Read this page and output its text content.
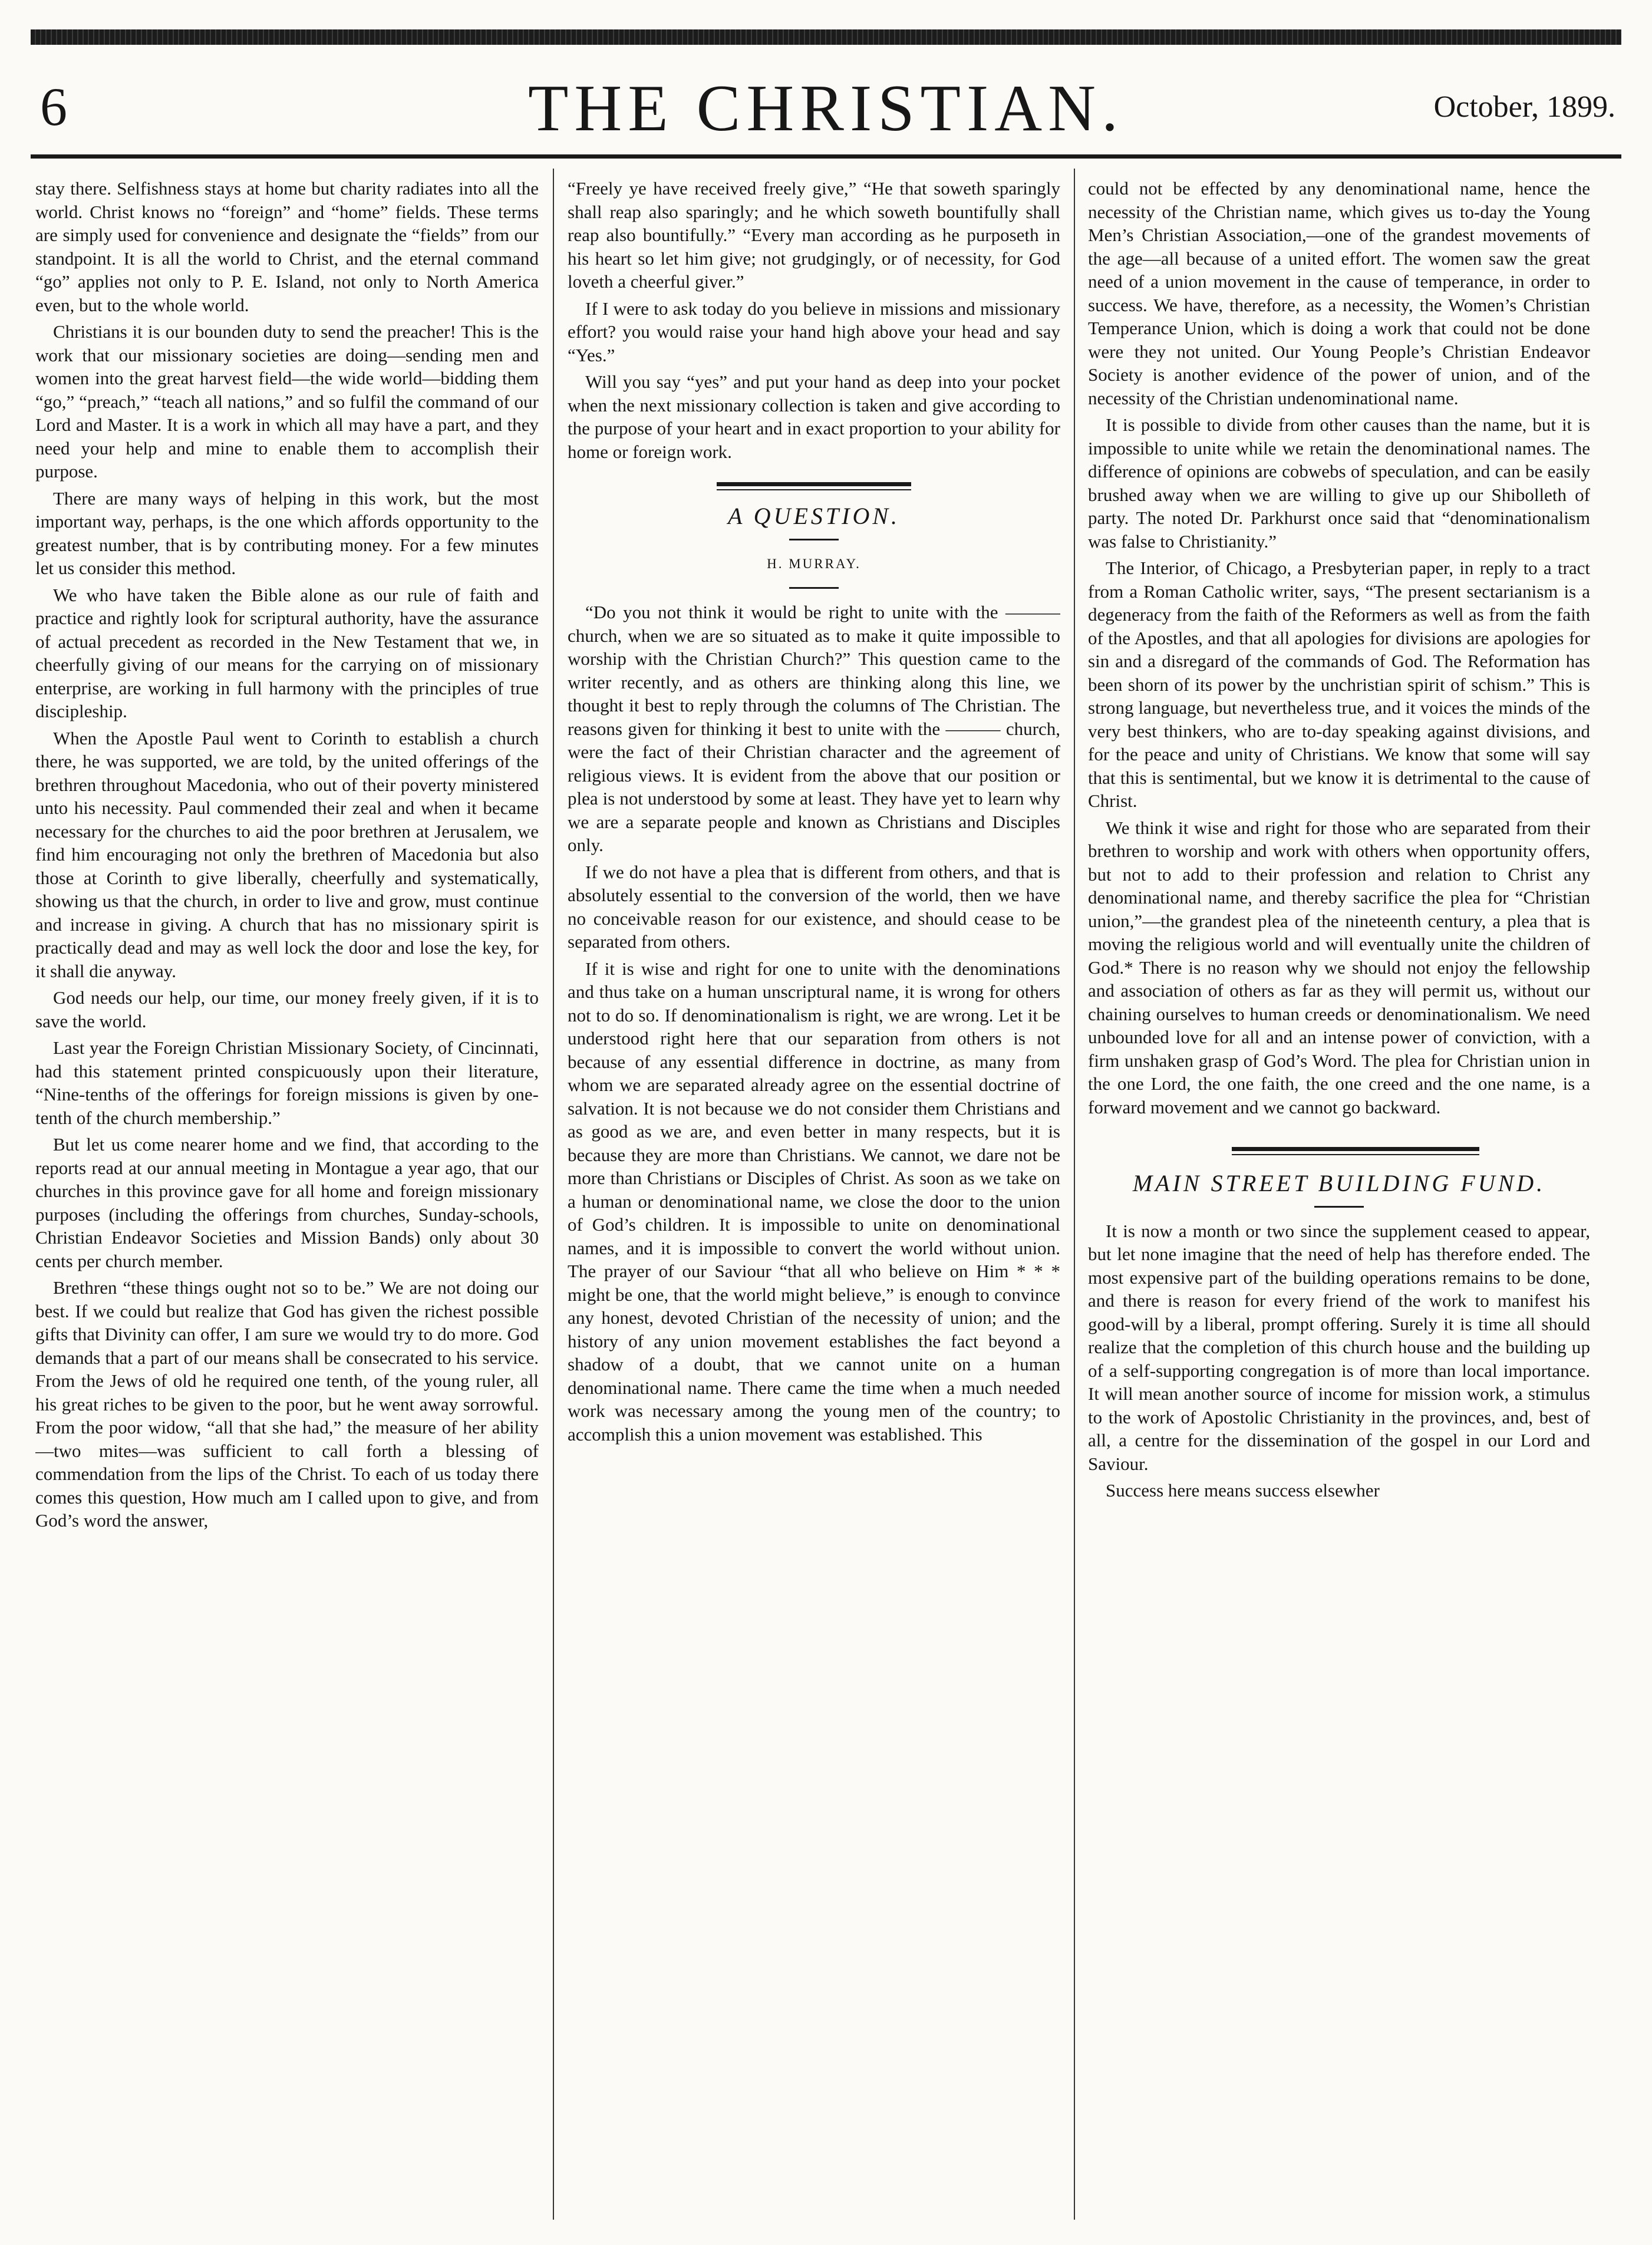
6	THE CHRISTIAN.	October, 1899.

stay there. Selfishness stays at home but charity radiates into all the world. Christ knows no “foreign” and “home” fields. These terms are simply used for convenience and designate the “fields” from our standpoint. It is all the world to Christ, and the eternal command “go” applies not only to P. E. Island, not only to North America even, but to the whole world.

Christians it is our bounden duty to send the preacher! This is the work that our missionary societies are doing—sending men and women into the great harvest field—the wide world—bidding them “go,” “preach,” “teach all nations,” and so fulfil the command of our Lord and Master. It is a work in which all may have a part, and they need your help and mine to enable them to accomplish their purpose.

There are many ways of helping in this work, but the most important way, perhaps, is the one which affords opportunity to the greatest number, that is by contributing money. For a few minutes let us consider this method.

We who have taken the Bible alone as our rule of faith and practice and rightly look for scriptural authority, have the assurance of actual precedent as recorded in the New Testament that we, in cheerfully giving of our means for the carrying on of missionary enterprise, are working in full harmony with the principles of true discipleship.

When the Apostle Paul went to Corinth to establish a church there, he was supported, we are told, by the united offerings of the brethren throughout Macedonia, who out of their poverty ministered unto his necessity. Paul commended their zeal and when it became necessary for the churches to aid the poor brethren at Jerusalem, we find him encouraging not only the brethren of Macedonia but also those at Corinth to give liberally, cheerfully and systematically, showing us that the church, in order to live and grow, must continue and increase in giving. A church that has no missionary spirit is practically dead and may as well lock the door and lose the key, for it shall die anyway.

God needs our help, our time, our money freely given, if it is to save the world.

Last year the Foreign Christian Missionary Society, of Cincinnati, had this statement printed conspicuously upon their literature, “Nine-tenths of the offerings for foreign missions is given by one-tenth of the church membership.”

But let us come nearer home and we find, that according to the reports read at our annual meeting in Montague a year ago, that our churches in this province gave for all home and foreign missionary purposes (including the offerings from churches, Sunday-schools, Christian Endeavor Societies and Mission Bands) only about 30 cents per church member.

Brethren “these things ought not so to be.” We are not doing our best. If we could but realize that God has given the richest possible gifts that Divinity can offer, I am sure we would try to do more. God demands that a part of our means shall be consecrated to his service. From the Jews of old he required one tenth, of the young ruler, all his great riches to be given to the poor, but he went away sorrowful. From the poor widow, “all that she had,” the measure of her ability—two mites—was sufficient to call forth a blessing of commendation from the lips of the Christ. To each of us today there comes this question, How much am I called upon to give, and from God’s word the answer,

“Freely ye have received freely give,” “He that soweth sparingly shall reap also sparingly; and he which soweth bountifully shall reap also bountifully.” “Every man according as he purposeth in his heart so let him give; not grudgingly, or of necessity, for God loveth a cheerful giver.”

If I were to ask today do you believe in missions and missionary effort? you would raise your hand high above your head and say “Yes.”

Will you say “yes” and put your hand as deep into your pocket when the next missionary collection is taken and give according to the purpose of your heart and in exact proportion to your ability for home or foreign work.

A QUESTION.
H. MURRAY.

“Do you not think it would be right to unite with the ——— church, when we are so situated as to make it quite impossible to worship with the Christian Church?” This question came to the writer recently, and as others are thinking along this line, we thought it best to reply through the columns of The Christian. The reasons given for thinking it best to unite with the ——— church, were the fact of their Christian character and the agreement of religious views. It is evident from the above that our position or plea is not understood by some at least. They have yet to learn why we are a separate people and known as Christians and Disciples only.

If we do not have a plea that is different from others, and that is absolutely essential to the conversion of the world, then we have no conceivable reason for our existence, and should cease to be separated from others.

If it is wise and right for one to unite with the denominations and thus take on a human unscriptural name, it is wrong for others not to do so. If denominationalism is right, we are wrong. Let it be understood right here that our separation from others is not because of any essential difference in doctrine, as many from whom we are separated already agree on the essential doctrine of salvation. It is not because we do not consider them Christians and as good as we are, and even better in many respects, but it is because they are more than Christians. We cannot, we dare not be more than Christians or Disciples of Christ. As soon as we take on a human or denominational name, we close the door to the union of God’s children. It is impossible to unite on denominational names, and it is impossible to convert the world without union. The prayer of our Saviour “that all who believe on Him * * * might be one, that the world might believe,” is enough to convince any honest, devoted Christian of the necessity of union; and the history of any union movement establishes the fact beyond a shadow of a doubt, that we cannot unite on a human denominational name. There came the time when a much needed work was necessary among the young men of the country; to accomplish this a union movement was established. This

could not be effected by any denominational name, hence the necessity of the Christian name, which gives us to-day the Young Men’s Christian Association,—one of the grandest movements of the age—all because of a united effort. The women saw the great need of a union movement in the cause of temperance, in order to success. We have, therefore, as a necessity, the Women’s Christian Temperance Union, which is doing a work that could not be done were they not united. Our Young People’s Christian Endeavor Society is another evidence of the power of union, and of the necessity of the Christian undenominational name.

It is possible to divide from other causes than the name, but it is impossible to unite while we retain the denominational names. The difference of opinions are cobwebs of speculation, and can be easily brushed away when we are willing to give up our Shibolleth of party. The noted Dr. Parkhurst once said that “denominationalism was false to Christianity.”

The Interior, of Chicago, a Presbyterian paper, in reply to a tract from a Roman Catholic writer, says, “The present sectarianism is a degeneracy from the faith of the Reformers as well as from the faith of the Apostles, and that all apologies for divisions are apologies for sin and a disregard of the commands of God. The Reformation has been shorn of its power by the unchristian spirit of schism.” This is strong language, but nevertheless true, and it voices the minds of the very best thinkers, who are to-day speaking against divisions, and for the peace and unity of Christians. We know that some will say that this is sentimental, but we know it is detrimental to the cause of Christ.

We think it wise and right for those who are separated from their brethren to worship and work with others when opportunity offers, but not to add to their profession and relation to Christ any denominational name, and thereby sacrifice the plea for “Christian union,”—the grandest plea of the nineteenth century, a plea that is moving the religious world and will eventually unite the children of God.* There is no reason why we should not enjoy the fellowship and association of others as far as they will permit us, without our chaining ourselves to human creeds or denominationalism. We need unbounded love for all and an intense power of conviction, with a firm unshaken grasp of God’s Word. The plea for Christian union in the one Lord, the one faith, the one creed and the one name, is a forward movement and we cannot go backward.

MAIN STREET BUILDING FUND.

It is now a month or two since the supplement ceased to appear, but let none imagine that the need of help has therefore ended. The most expensive part of the building operations remains to be done, and there is reason for every friend of the work to manifest his good-will by a liberal, prompt offering. Surely it is time all should realize that the completion of this church house and the building up of a self-supporting congregation is of more than local importance. It will mean another source of income for mission work, a stimulus to the work of Apostolic Christianity in the provinces, and, best of all, a centre for the dissemination of the gospel in our Lord and Saviour.

Success here means success elsewher
